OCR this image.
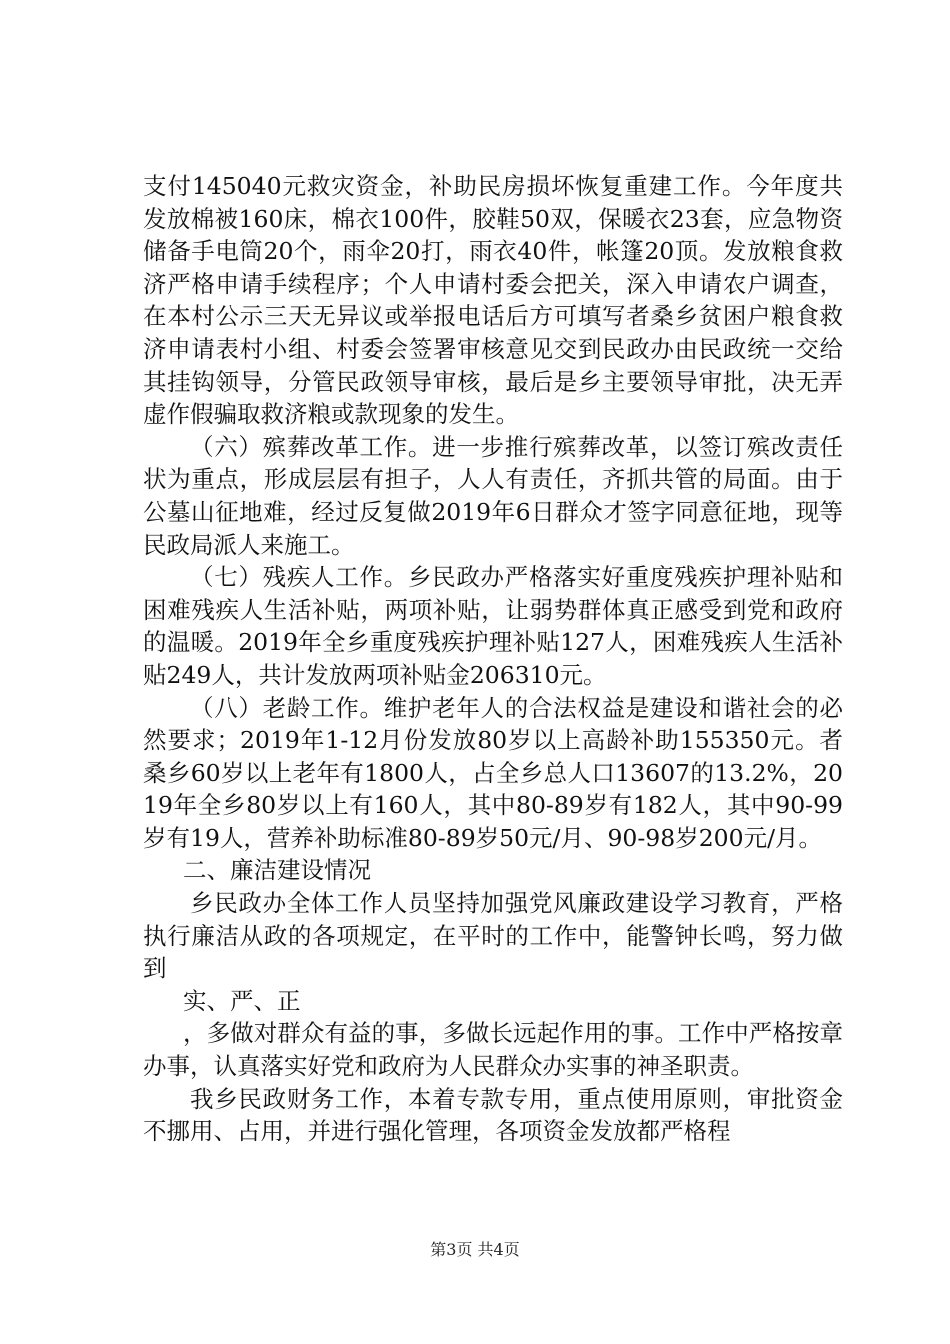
支付145040元救灾资金，补助民房损坏恢复重建工作。今年度共发放棉被160床，棉衣100件，胶鞋50双，保暖衣23套，应急物资储备手电筒20个，雨伞20打，雨衣40件，帐篷20顶。发放粮食救济严格申请手续程序；个人申请村委会把关，深入申请农户调查，在本村公示三天无异议或举报电话后方可填写者桑乡贫困户粮食救济申请表村小组、村委会签署审核意见交到民政办由民政统一交给其挂钩领导，分管民政领导审核，最后是乡主要领导审批，决无弄虚作假骗取救济粮或款现象的发生。

（六）殡葬改革工作。进一步推行殡葬改革，以签订殡改责任状为重点，形成层层有担子，人人有责任，齐抓共管的局面。由于公墓山征地难，经过反复做2019年6日群众才签字同意征地，现等民政局派人来施工。

（七）残疾人工作。乡民政办严格落实好重度残疾护理补贴和困难残疾人生活补贴，两项补贴，让弱势群体真正感受到党和政府的温暖。2019年全乡重度残疾护理补贴127人，困难残疾人生活补贴249人，共计发放两项补贴金206310元。

（八）老龄工作。维护老年人的合法权益是建设和谐社会的必然要求；2019年1-12月份发放80岁以上高龄补助155350元。者桑乡60岁以上老年有1800人，占全乡总人口13607的13.2%，2019年全乡80岁以上有160人，其中80-89岁有182人，其中90-99岁有19人，营养补助标准80-89岁50元/月、90-98岁200元/月。

二、廉洁建设情况

乡民政办全体工作人员坚持加强党风廉政建设学习教育，严格执行廉洁从政的各项规定，在平时的工作中，能警钟长鸣，努力做到

实、严、正

，多做对群众有益的事，多做长远起作用的事。工作中严格按章办事，认真落实好党和政府为人民群众办实事的神圣职责。

我乡民政财务工作，本着专款专用，重点使用原则，审批资金不挪用、占用，并进行强化管理，各项资金发放都严格程

第3页 共4页
